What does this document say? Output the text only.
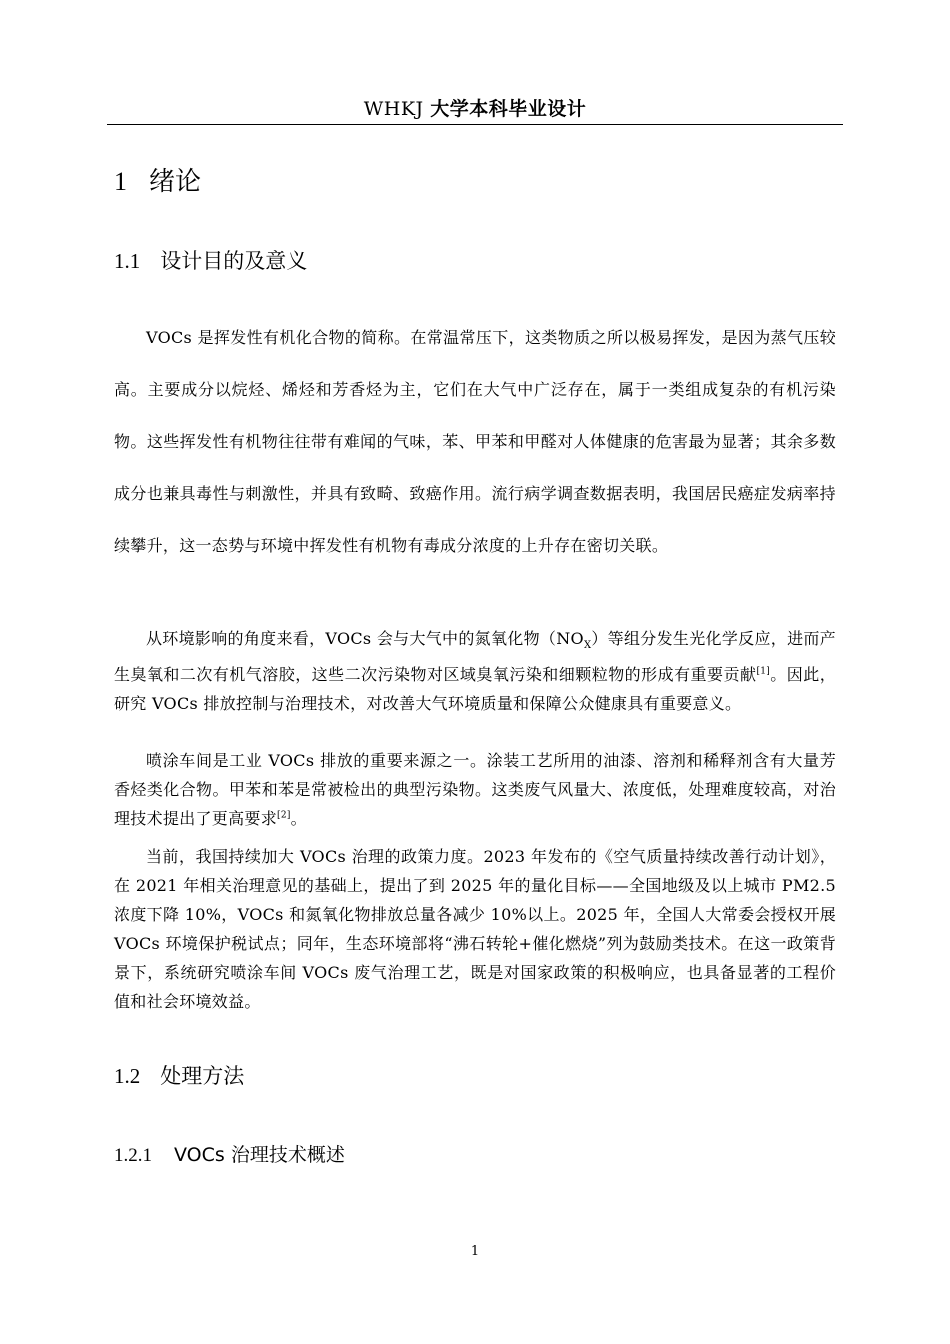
WHKJ 大学本科毕业设计
1 绪论
1.1 设计目的及意义
VOCs 是挥发性有机化合物的简称。在常温常压下，这类物质之所以极易挥发，是因为蒸气压较高。主要成分以烷烃、烯烃和芳香烃为主，它们在大气中广泛存在，属于一类组成复杂的有机污染物。这些挥发性有机物往往带有难闻的气味，苯、甲苯和甲醛对人体健康的危害最为显著；其余多数成分也兼具毒性与刺激性，并具有致畸、致癌作用。流行病学调查数据表明，我国居民癌症发病率持续攀升，这一态势与环境中挥发性有机物有毒成分浓度的上升存在密切关联。
从环境影响的角度来看，VOCs 会与大气中的氮氧化物$(NO_X)$等组分发生光化学反应，进而产生臭氧和二次有机气溶胶，这些二次污染物对区域臭氧污染和细颗粒物的形成有重要贡献[1]。因此，研究 VOCs 排放控制与治理技术，对改善大气环境质量和保障公众健康具有重要意义。
喷涂车间是工业 VOCs 排放的重要来源之一。涂装工艺所用的油漆、溶剂和稀释剂含有大量芳香烃类化合物。甲苯和苯是常被检出的典型污染物。这类废气风量大、浓度低，处理难度较高，对治理技术提出了更高要求[2]。
当前，我国持续加大 VOCs 治理的政策力度。2023 年发布的《空气质量持续改善行动计划》，在 2021 年相关治理意见的基础上，提出了到 2025 年的量化目标——全国地级及以上城市 PM2.5 浓度下降 10%，VOCs 和氮氧化物排放总量各减少 10%以上。2025 年，全国人大常委会授权开展 VOCs 环境保护税试点；同年，生态环境部将“沸石转轮+催化燃烧”列为鼓励类技术。在这一政策背景下，系统研究喷涂车间 VOCs 废气治理工艺，既是对国家政策的积极响应，也具备显著的工程价值和社会环境效益。
1.2 处理方法
1.2.1 VOCs 治理技术概述
1
